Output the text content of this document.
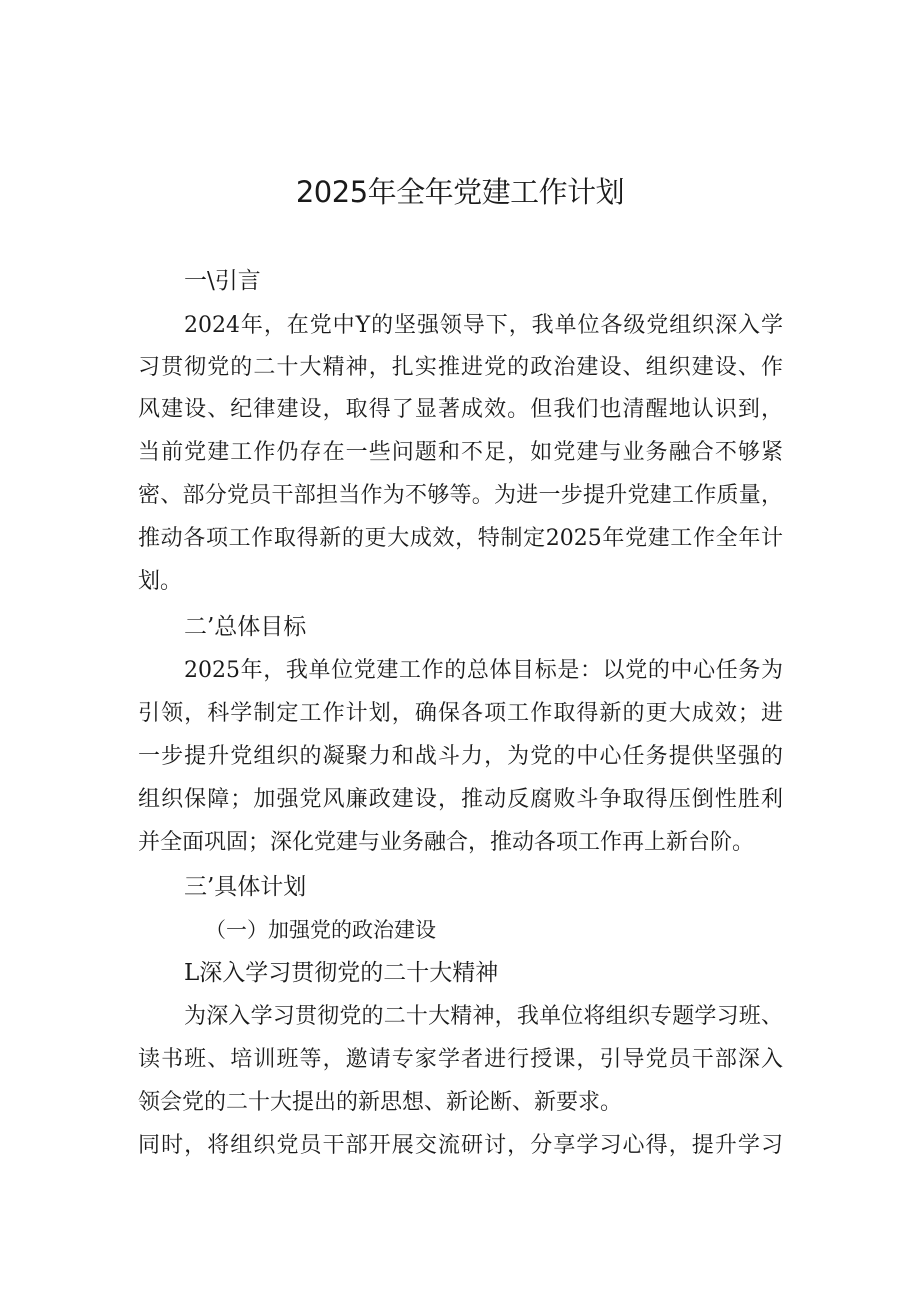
2025年全年党建工作计划

一\引言

2024年，在党中Y的坚强领导下，我单位各级党组织深入学

习贯彻党的二十大精神，扎实推进党的政治建设、组织建设、作

风建设、纪律建设，取得了显著成效。但我们也清醒地认识到，

当前党建工作仍存在一些问题和不足，如党建与业务融合不够紧

密、部分党员干部担当作为不够等。为进一步提升党建工作质量，

推动各项工作取得新的更大成效，特制定2025年党建工作全年计

划。

二’总体目标

2025年，我单位党建工作的总体目标是：以党的中心任务为

引领，科学制定工作计划，确保各项工作取得新的更大成效；进

一步提升党组织的凝聚力和战斗力，为党的中心任务提供坚强的

组织保障；加强党风廉政建设，推动反腐败斗争取得压倒性胜利

并全面巩固；深化党建与业务融合，推动各项工作再上新台阶。

三’具体计划

（一）加强党的政治建设

L深入学习贯彻党的二十大精神

为深入学习贯彻党的二十大精神，我单位将组织专题学习班、

读书班、培训班等，邀请专家学者进行授课，引导党员干部深入

领会党的二十大提出的新思想、新论断、新要求。

同时，将组织党员干部开展交流研讨，分享学习心得，提升学习
